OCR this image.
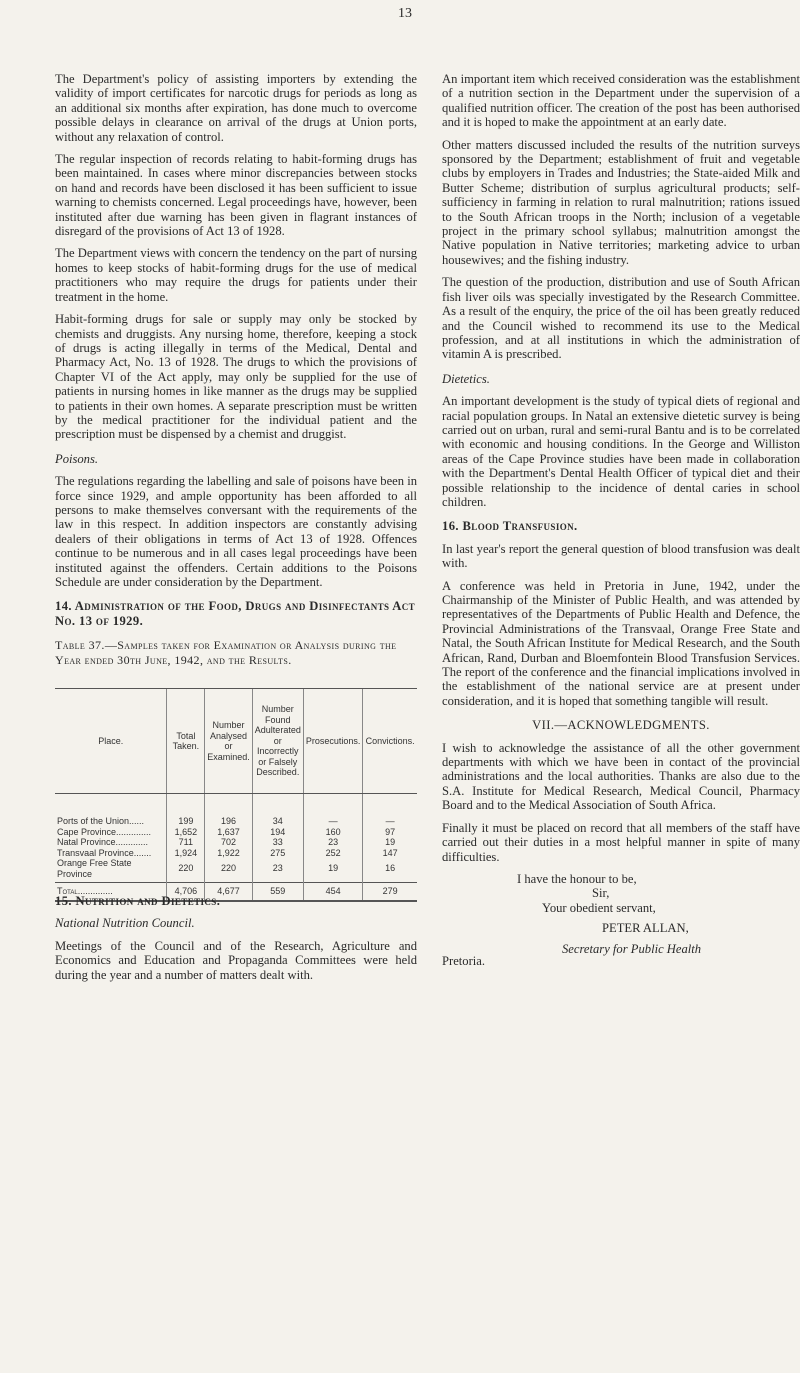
13

The Department's policy of assisting importers by extending the validity of import certificates for narcotic drugs for periods as long as an additional six months after expiration, has done much to overcome possible delays in clearance on arrival of the drugs at Union ports, without any relaxation of control.

The regular inspection of records relating to habit-forming drugs has been maintained. In cases where minor discrepancies between stocks on hand and records have been disclosed it has been sufficient to issue warning to chemists concerned. Legal proceedings have, however, been instituted after due warning has been given in flagrant instances of disregard of the provisions of Act 13 of 1928.

The Department views with concern the tendency on the part of nursing homes to keep stocks of habit-forming drugs for the use of medical practitioners who may require the drugs for patients under their treatment in the home.

Habit-forming drugs for sale or supply may only be stocked by chemists and druggists. Any nursing home, therefore, keeping a stock of drugs is acting illegally in terms of the Medical, Dental and Pharmacy Act, No. 13 of 1928. The drugs to which the provisions of Chapter VI of the Act apply, may only be supplied for the use of patients in nursing homes in like manner as the drugs may be supplied to patients in their own homes. A separate prescription must be written by the medical practitioner for the individual patient and the prescription must be dispensed by a chemist and druggist.

Poisons.

The regulations regarding the labelling and sale of poisons have been in force since 1929, and ample opportunity has been afforded to all persons to make themselves conversant with the requirements of the law in this respect. In addition inspectors are constantly advising dealers of their obligations in terms of Act 13 of 1928. Offences continue to be numerous and in all cases legal proceedings have been instituted against the offenders. Certain additions to the Poisons Schedule are under consideration by the Department.

14. Administration of the Food, Drugs and Disinfectants Act No. 13 of 1929.
Table 37.—Samples taken for Examination or Analysis during the Year ended 30th June, 1942, and the Results.
Place.	Total Taken.	Number Analysed or Examined.	Number Found Adulterated or Incorrectly or Falsely Described.	Prosecutions.	Convictions.
Ports of the Union......	199	196	34	—	—
Cape Province..............	1,652	1,637	194	160	97
Natal Province.............	711	702	33	23	19
Transvaal Province.......	1,924	1,922	275	252	147
Orange Free State Province	220	220	23	19	16
Total..............	4,706	4,677	559	454	279
15. Nutrition and Dietetics.
National Nutrition Council.

Meetings of the Council and of the Research, Agriculture and Economics and Education and Propaganda Committees were held during the year and a number of matters dealt with.

An important item which received consideration was the establishment of a nutrition section in the Department under the supervision of a qualified nutrition officer. The creation of the post has been authorised and it is hoped to make the appointment at an early date.

Other matters discussed included the results of the nutrition surveys sponsored by the Department; establishment of fruit and vegetable clubs by employers in Trades and Industries; the State-aided Milk and Butter Scheme; distribution of surplus agricultural products; self-sufficiency in farming in relation to rural malnutrition; rations issued to the South African troops in the North; inclusion of a vegetable project in the primary school syllabus; malnutrition amongst the Native population in Native territories; marketing advice to urban housewives; and the fishing industry.

The question of the production, distribution and use of South African fish liver oils was specially investigated by the Research Committee. As a result of the enquiry, the price of the oil has been greatly reduced and the Council wished to recommend its use to the Medical profession, and at all institutions in which the administration of vitamin A is prescribed.

Dietetics.

An important development is the study of typical diets of regional and racial population groups. In Natal an extensive dietetic survey is being carried out on urban, rural and semi-rural Bantu and is to be correlated with economic and housing conditions. In the George and Williston areas of the Cape Province studies have been made in collaboration with the Department's Dental Health Officer of typical diet and their possible relationship to the incidence of dental caries in school children.

16. Blood Transfusion.

In last year's report the general question of blood transfusion was dealt with.

A conference was held in Pretoria in June, 1942, under the Chairmanship of the Minister of Public Health, and was attended by representatives of the Departments of Public Health and Defence, the Provincial Administrations of the Transvaal, Orange Free State and Natal, the South African Institute for Medical Research, and the South African, Rand, Durban and Bloemfontein Blood Transfusion Services. The report of the conference and the financial implications involved in the establishment of the national service are at present under consideration, and it is hoped that something tangible will result.

VII.—ACKNOWLEDGMENTS.

I wish to acknowledge the assistance of all the other government departments with which we have been in contact of the provincial administrations and the local authorities. Thanks are also due to the S.A. Institute for Medical Research, Medical Council, Pharmacy Board and to the Medical Association of South Africa.

Finally it must be placed on record that all members of the staff have carried out their duties in a most helpful manner in spite of many difficulties.

I have the honour to be,

Sir,

Your obedient servant,

PETER ALLAN,

Secretary for Public Health

Pretoria.
